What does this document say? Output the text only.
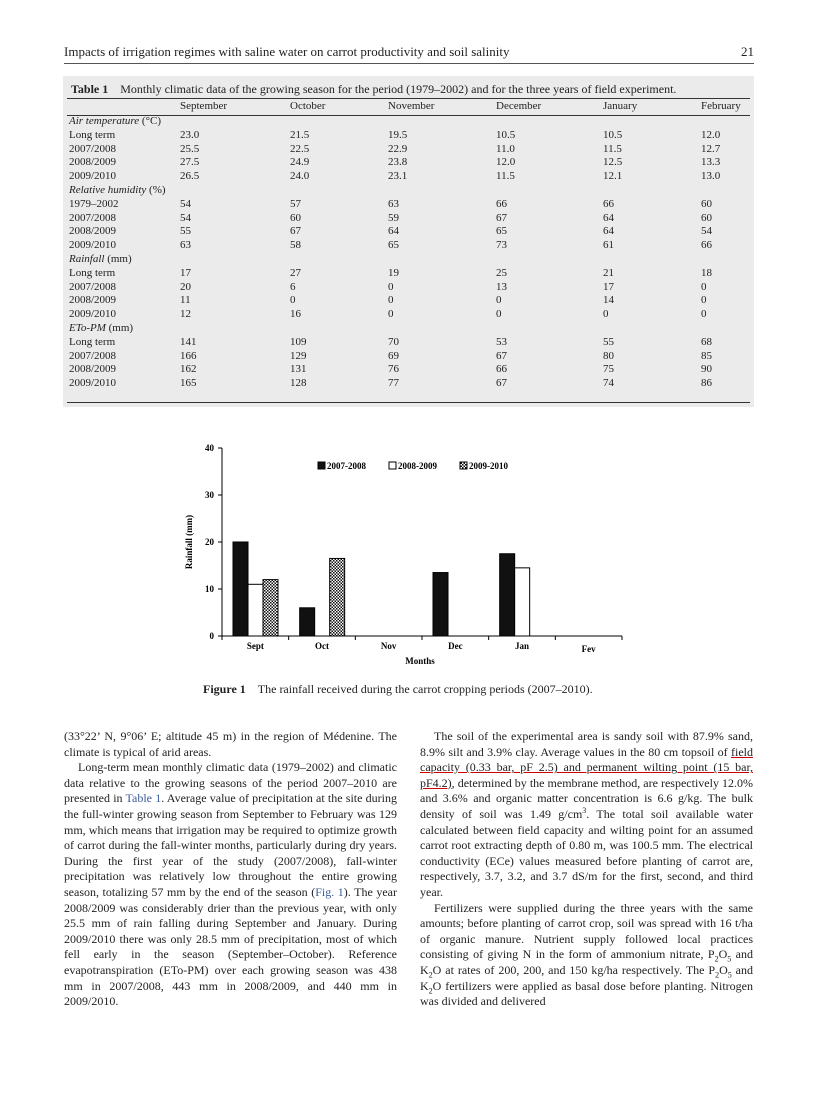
Impacts of irrigation regimes with saline water on carrot productivity and soil salinity	21
Table 1 Monthly climatic data of the growing season for the period (1979–2002) and for the three years of field experiment.
	September	October	November	December	January	February
Air temperature (°C)						
Long term	23.0	21.5	19.5	10.5	10.5	12.0
2007/2008	25.5	22.5	22.9	11.0	11.5	12.7
2008/2009	27.5	24.9	23.8	12.0	12.5	13.3
2009/2010	26.5	24.0	23.1	11.5	12.1	13.0
Relative humidity (%)						
1979–2002	54	57	63	66	66	60
2007/2008	54	60	59	67	64	60
2008/2009	55	67	64	65	64	54
2009/2010	63	58	65	73	61	66
Rainfall (mm)						
Long term	17	27	19	25	21	18
2007/2008	20	6	0	13	17	0
2008/2009	11	0	0	0	14	0
2009/2010	12	16	0	0	0	0
ETo-PM (mm)						
Long term	141	109	70	53	55	68
2007/2008	166	129	69	67	80	85
2008/2009	162	131	76	66	75	90
2009/2010	165	128	77	67	74	86
0
10
20
30
40
Sept	Oct	Nov	Dec	Jan	Fev
Rainfall (mm)
Months
2007-2008	2008-2009	2009-2010
Figure 1 The rainfall received during the carrot cropping periods (2007–2010).

(33°22’ N, 9°06’ E; altitude 45 m) in the region of Médenine. The climate is typical of arid areas.

Long-term mean monthly climatic data (1979–2002) and climatic data relative to the growing seasons of the period 2007–2010 are presented in Table 1. Average value of precipitation at the site during the full-winter growing season from September to February was 129 mm, which means that irrigation may be required to optimize growth of carrot during the fall-winter months, particularly during dry years. During the first year of the study (2007/2008), fall-winter precipitation was relatively low throughout the entire growing season, totalizing 57 mm by the end of the season (Fig. 1). The year 2008/2009 was considerably drier than the previous year, with only 25.5 mm of rain falling during September and January. During 2009/2010 there was only 28.5 mm of precipitation, most of which fell early in the season (September–October). Reference evapotranspiration (ETo-PM) over each growing season was 438 mm in 2007/2008, 443 mm in 2008/2009, and 440 mm in 2009/2010.

The soil of the experimental area is sandy soil with 87.9% sand, 8.9% silt and 3.9% clay. Average values in the 80 cm topsoil of field capacity (0.33 bar, pF 2.5) and permanent wilting point (15 bar, pF4.2), determined by the membrane method, are respectively 12.0% and 3.6% and organic matter concentration is 6.6 g/kg. The bulk density of soil was 1.49 $g/cm^3$. The total soil available water calculated between field capacity and wilting point for an assumed carrot root extracting depth of 0.80 m, was 100.5 mm. The electrical conductivity (ECe) values measured before planting of carrot are, respectively, 3.7, 3.2, and 3.7 dS/m for the first, second, and third year.

Fertilizers were supplied during the three years with the same amounts; before planting of carrot crop, soil was spread with 16 t/ha of organic manure. Nutrient supply followed local practices consisting of giving N in the form of ammonium nitrate, $P_2O_5$ and $K_2O$ at rates of 200, 200, and 150 kg/ha respectively. The $P_2O_5$ and $K_2O$ fertilizers were applied as basal dose before planting. Nitrogen was divided and delivered
